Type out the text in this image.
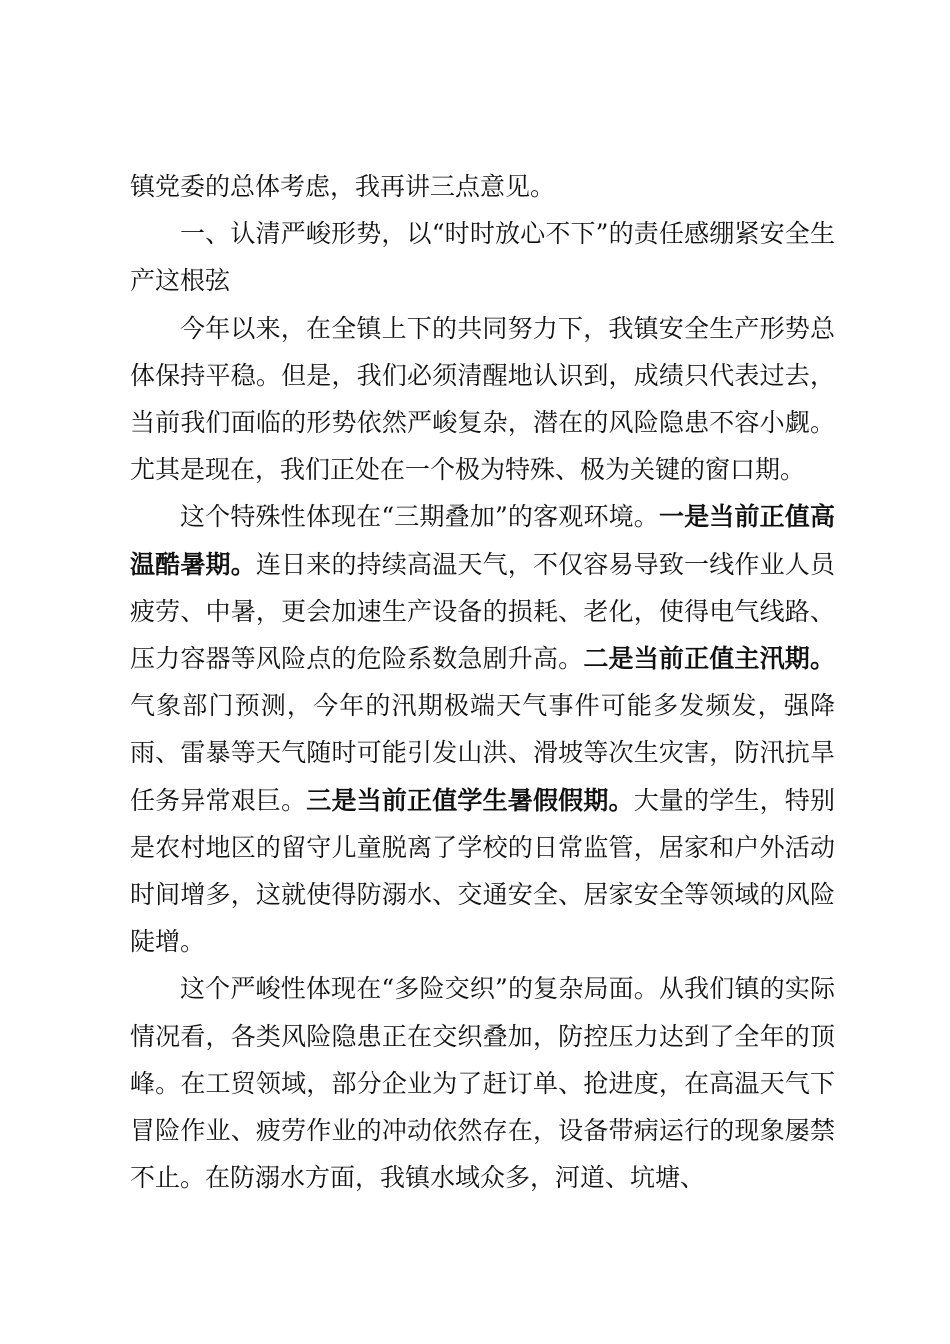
镇党委的总体考虑，我再讲三点意见。

一、认清严峻形势，以“时时放心不下”的责任感绷紧安全生产这根弦

今年以来，在全镇上下的共同努力下，我镇安全生产形势总体保持平稳。但是，我们必须清醒地认识到，成绩只代表过去，当前我们面临的形势依然严峻复杂，潜在的风险隐患不容小觑。尤其是现在，我们正处在一个极为特殊、极为关键的窗口期。

这个特殊性体现在“三期叠加”的客观环境。一是当前正值高温酷暑期。连日来的持续高温天气，不仅容易导致一线作业人员疲劳、中暑，更会加速生产设备的损耗、老化，使得电气线路、压力容器等风险点的危险系数急剧升高。二是当前正值主汛期。气象部门预测，今年的汛期极端天气事件可能多发频发，强降雨、雷暴等天气随时可能引发山洪、滑坡等次生灾害，防汛抗旱任务异常艰巨。三是当前正值学生暑假假期。大量的学生，特别是农村地区的留守儿童脱离了学校的日常监管，居家和户外活动时间增多，这就使得防溺水、交通安全、居家安全等领域的风险陡增。

这个严峻性体现在“多险交织”的复杂局面。从我们镇的实际情况看，各类风险隐患正在交织叠加，防控压力达到了全年的顶峰。在工贸领域，部分企业为了赶订单、抢进度，在高温天气下冒险作业、疲劳作业的冲动依然存在，设备带病运行的现象屡禁不止。在防溺水方面，我镇水域众多，河道、坑塘、
